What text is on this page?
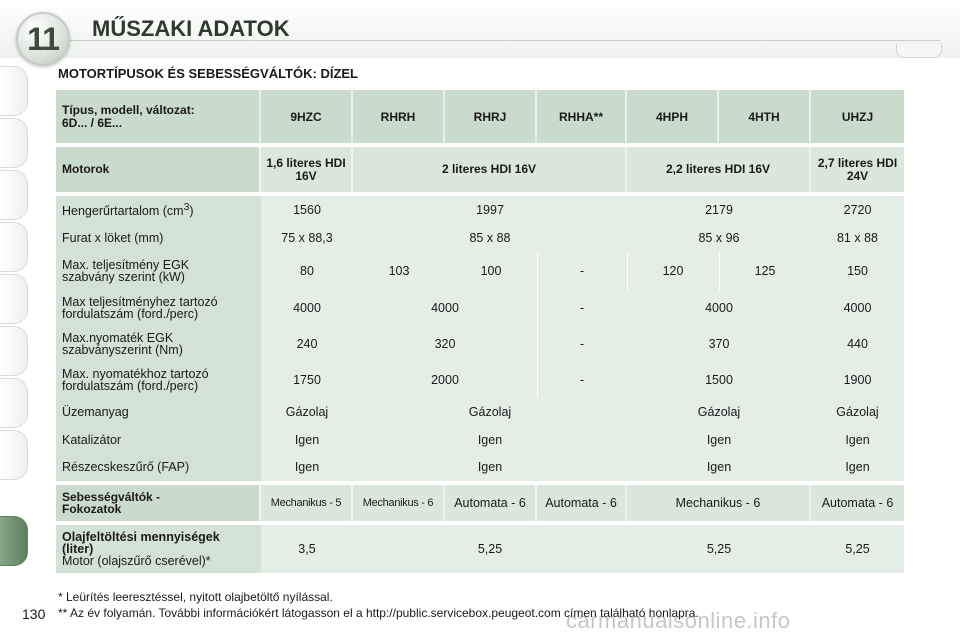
11 MŰSZAKI ADATOK
MOTORTÍPUSOK ÉS SEBESSÉGVÁLTÓK: DÍZEL
Típus, modell, változat:
6D... / 6E...	9HZC	RHRH	RHRJ	RHHA**	4HPH	4HTH	UHZJ

Motorok	1,6 literes HDI 16V	2 literes HDI 16V			2,2 literes HDI 16V		2,7 literes HDI 24V

Hengerűrtartalom $(cm^3)$	1560	1997			2179		2720
Furat x löket (mm)	75 x 88,3	85 x 88			85 x 96		81 x 88

Max. teljesítmény EGK
szabvány szerint (kW)	80	103	100	-	120	125	150

Max teljesítményhez tartozó
fordulatszám (ford./perc)	4000	4000		-	4000		4000

Max.nyomaték EGK
szabványszerint (Nm)	240	320		-	370		440

Max. nyomatékhoz tartozó
fordulatszám (ford./perc)	1750	2000		-	1500		1900
Üzemanyag	Gázolaj	Gázolaj			Gázolaj		Gázolaj
Katalizátor	Igen	Igen			Igen		Igen
Részecskeszűrő (FAP)	Igen	Igen			Igen		Igen

Sebességváltók -
Fokozatok	Mechanikus - 5	Mechanikus - 6	Automata - 6	Automata - 6	Mechanikus - 6		Automata - 6

Olajfeltöltési mennyiségek
(liter)
Motor (olajszűrő cserével)*	3,5	5,25			5,25		5,25
* Leürítés leeresztéssel, nyitott olajbetöltő nyílással.
** Az év folyamán. További információkért látogasson el a http://public.servicebox.peugeot.com címen található honlapra.
130	carmanualsonline.info
